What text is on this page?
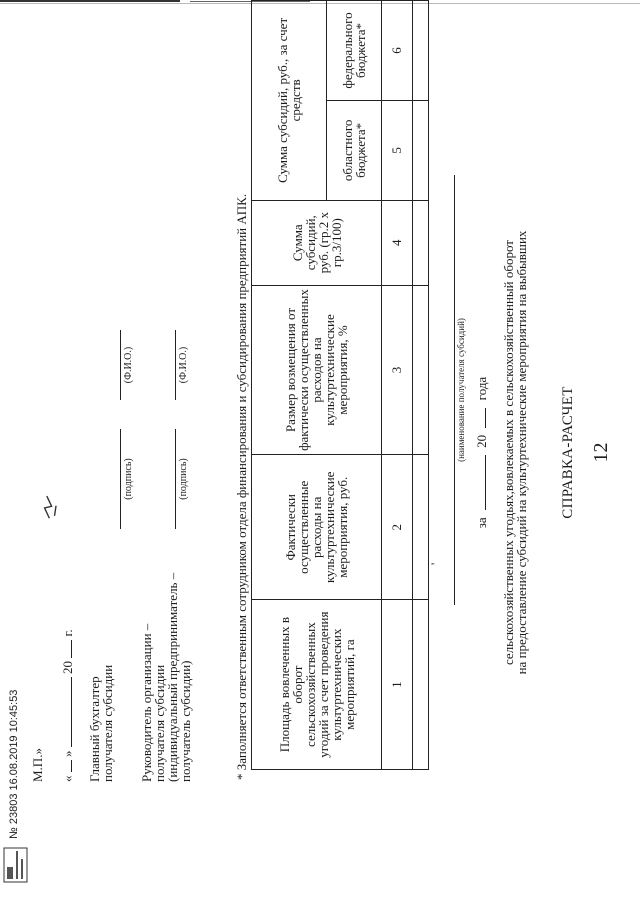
12
СПРАВКА-РАСЧЕТ
на предоставление субсидий на культуртехнические мероприятия на выбывших
сельскохозяйственных угодьях,вовлекаемых в сельскохозяйственный оборот
за  20  года
(наименование получателя субсидий)
'
Площадь вовлеченных в оборот сельскохозяйственных угодий за счет проведения культуртехнических мероприятий, га	Фактически осуществленные расходы на культуртехнические мероприятия, руб.	Размер возмещения от фактически осуществленных расходов на культуртехнические мероприятия, %	Сумма субсидий, руб. (гр.2 х гр.3/100)	Сумма субсидий, руб., за счет средств	
				областного бюджета*	федерального бюджета*
1	2	3	4	5	6

* Заполняется ответственным сотрудником отдела финансирования и субсидирования предприятий АПК.
Руководитель организации –
получателя субсидии
(индивидуальный предприниматель –
получатель субсидии)
(подпись)
(Ф.И.О.)
Главный бухгалтер
получателя субсидии
(подпись)
(Ф.И.О.)
«  »  20  г.
М.П.»
№ 23803 16.08.2019 10:45:53
